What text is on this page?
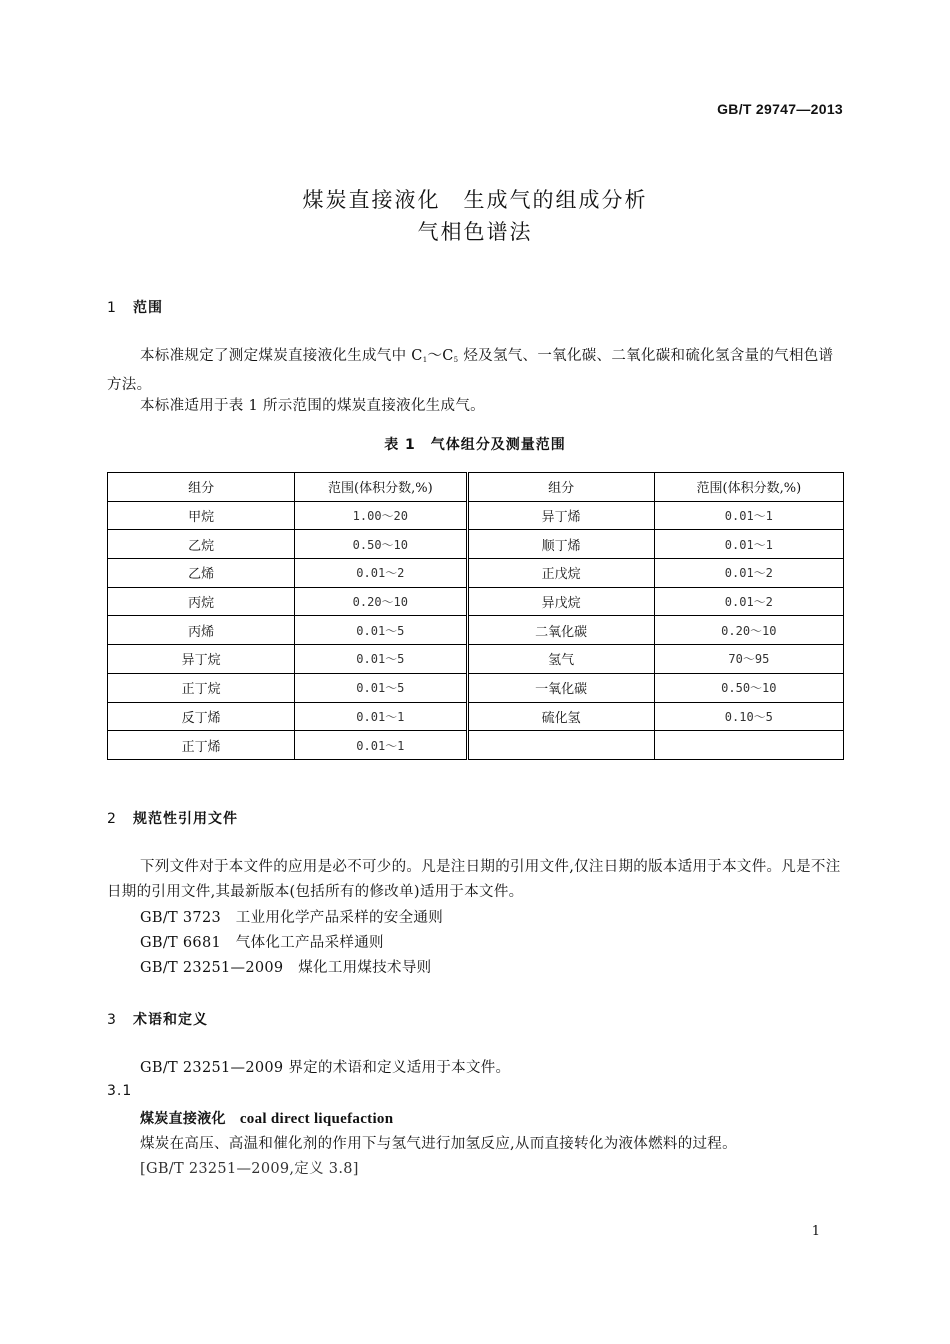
GB/T 29747—2013
煤炭直接液化　生成气的组成分析
气相色谱法
1 范围
本标准规定了测定煤炭直接液化生成气中 $C_1\sim C_5$ 烃及氢气、一氧化碳、二氧化碳和硫化氢含量的气相色谱方法。
本标准适用于表 1 所示范围的煤炭直接液化生成气。
表 1　气体组分及测量范围
组分	范围(体积分数,%)	组分	范围(体积分数,%)
甲烷	1.00～20	异丁烯	0.01～1
乙烷	0.50～10	顺丁烯	0.01～1
乙烯	0.01～2	正戊烷	0.01～2
丙烷	0.20～10	异戊烷	0.01～2
丙烯	0.01～5	二氧化碳	0.20～10
异丁烷	0.01～5	氢气	70～95
正丁烷	0.01～5	一氧化碳	0.50～10
反丁烯	0.01～1	硫化氢	0.10～5
正丁烯	0.01～1		
2 规范性引用文件
下列文件对于本文件的应用是必不可少的。凡是注日期的引用文件,仅注日期的版本适用于本文件。凡是不注日期的引用文件,其最新版本(包括所有的修改单)适用于本文件。
GB/T 3723　工业用化学产品采样的安全通则
GB/T 6681　气体化工产品采样通则
GB/T 23251—2009　煤化工用煤技术导则
3 术语和定义
GB/T 23251—2009 界定的术语和定义适用于本文件。
3.1
煤炭直接液化 coal direct liquefaction
煤炭在高压、高温和催化剂的作用下与氢气进行加氢反应,从而直接转化为液体燃料的过程。
[GB/T 23251—2009,定义 3.8]
1
